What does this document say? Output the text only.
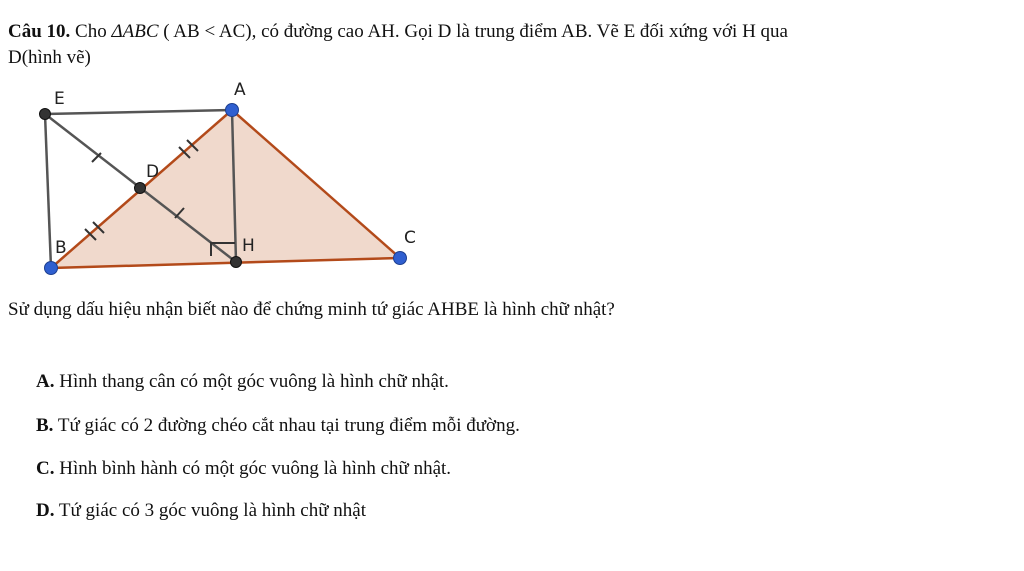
Câu 10. Cho ΔABC ( AB < AC), có đường cao AH. Gọi D là trung điểm AB. Vẽ E đối xứng với H qua
D(hình vẽ)
E	A
D
B	H	C
Sử dụng dấu hiệu nhận biết nào để chứng minh tứ giác AHBE là hình chữ nhật?
A. Hình thang cân có một góc vuông là hình chữ nhật.
B. Tứ giác có 2 đường chéo cắt nhau tại trung điểm mỗi đường.
C. Hình bình hành có một góc vuông là hình chữ nhật.
D. Tứ giác có 3 góc vuông là hình chữ nhật
